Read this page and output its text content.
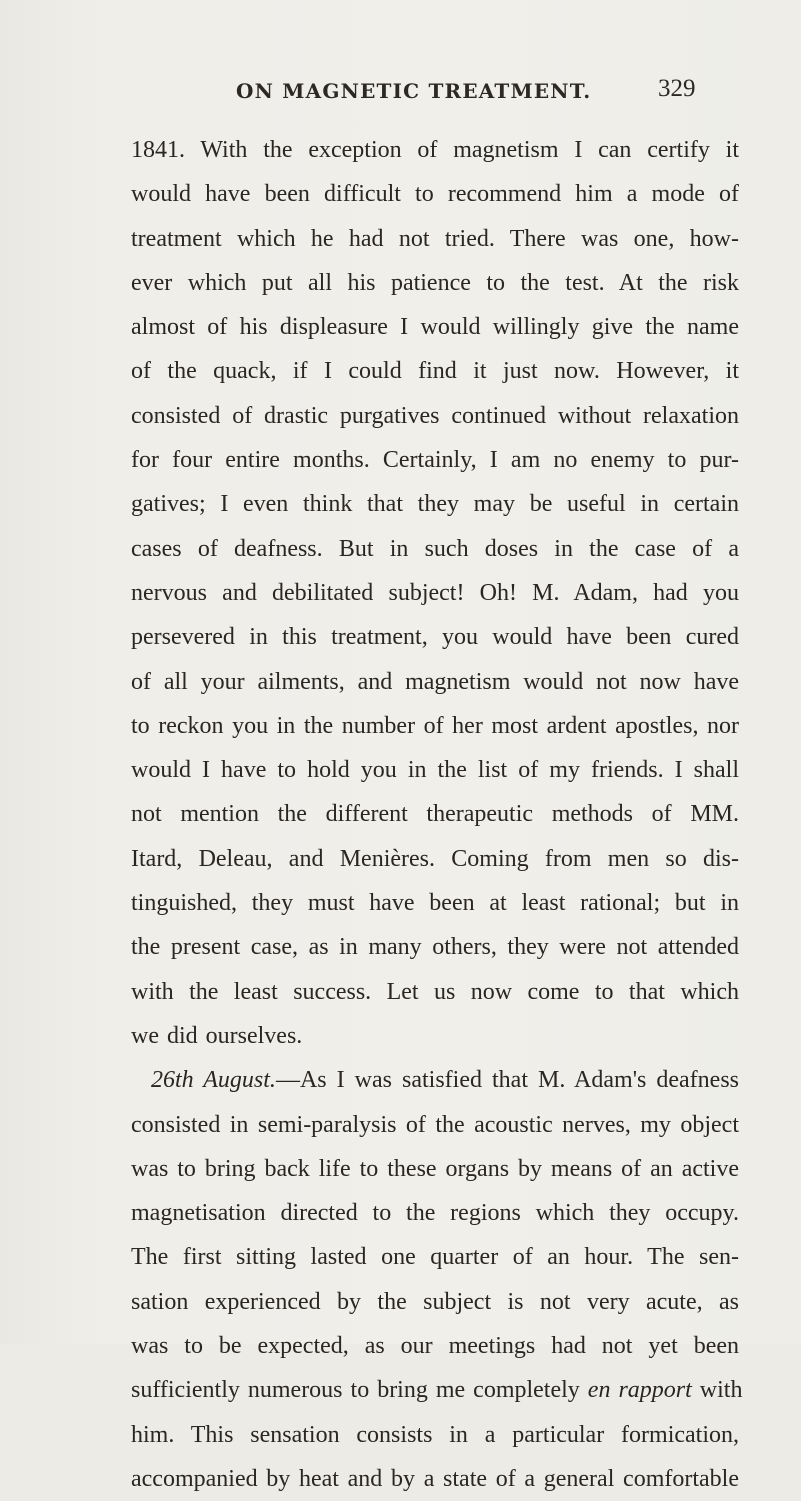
ON MAGNETIC TREATMENT.	329
1841. With the exception of magnetism I can certify it
would have been difficult to recommend him a mode of
treatment which he had not tried. There was one, how-
ever which put all his patience to the test. At the risk
almost of his displeasure I would willingly give the name
of the quack, if I could find it just now. However, it
consisted of drastic purgatives continued without relaxation
for four entire months. Certainly, I am no enemy to pur-
gatives; I even think that they may be useful in certain
cases of deafness. But in such doses in the case of a
nervous and debilitated subject! Oh! M. Adam, had you
persevered in this treatment, you would have been cured
of all your ailments, and magnetism would not now have
to reckon you in the number of her most ardent apostles, nor
would I have to hold you in the list of my friends. I shall
not mention the different therapeutic methods of MM.
Itard, Deleau, and Menières. Coming from men so dis-
tinguished, they must have been at least rational; but in
the present case, as in many others, they were not attended
with the least success. Let us now come to that which
we did ourselves.
26th August.—As I was satisfied that M. Adam's deafness
consisted in semi-paralysis of the acoustic nerves, my object
was to bring back life to these organs by means of an active
magnetisation directed to the regions which they occupy.
The first sitting lasted one quarter of an hour. The sen-
sation experienced by the subject is not very acute, as
was to be expected, as our meetings had not yet been
sufficiently numerous to bring me completely en rapport with
him. This sensation consists in a particular formication,
accompanied by heat and by a state of a general comfortable
